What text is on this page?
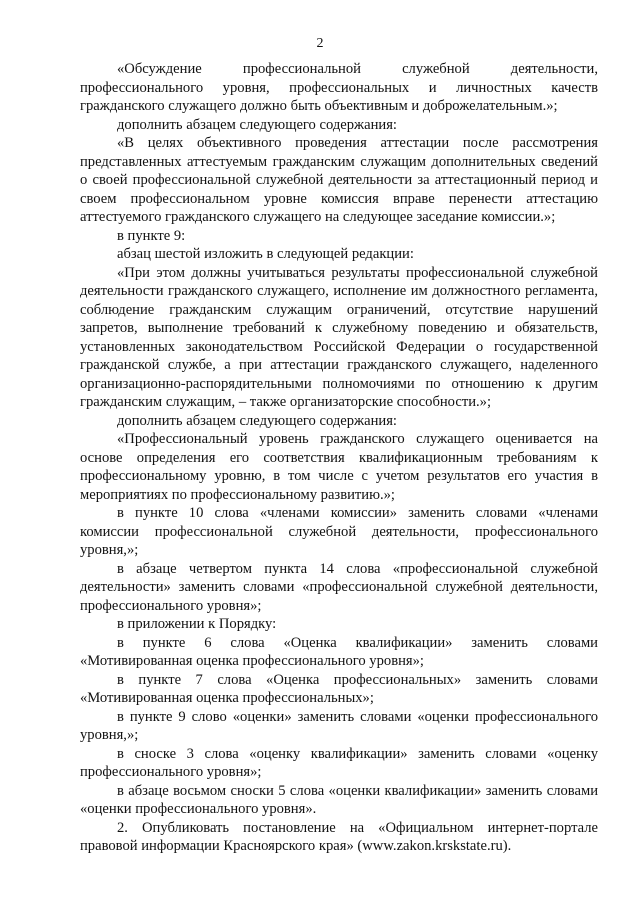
2

«Обсуждение профессиональной служебной деятельности, профессионального уровня, профессиональных и личностных качеств гражданского служащего должно быть объективным и доброжелательным.»;

дополнить абзацем следующего содержания:

«В целях объективного проведения аттестации после рассмотрения представленных аттестуемым гражданским служащим дополнительных сведений о своей профессиональной служебной деятельности за аттестационный период и своем профессиональном уровне комиссия вправе перенести аттестацию аттестуемого гражданского служащего на следующее заседание комиссии.»;

в пункте 9:

абзац шестой изложить в следующей редакции:

«При этом должны учитываться результаты профессиональной служебной деятельности гражданского служащего, исполнение им должностного регламента, соблюдение гражданским служащим ограничений, отсутствие нарушений запретов, выполнение требований к служебному поведению и обязательств, установленных законодательством Российской Федерации о государственной гражданской службе, а при аттестации гражданского служащего, наделенного организационно-распорядительными полномочиями по отношению к другим гражданским служащим, – также организаторские способности.»;

дополнить абзацем следующего содержания:

«Профессиональный уровень гражданского служащего оценивается на основе определения его соответствия квалификационным требованиям к профессиональному уровню, в том числе с учетом результатов его участия в мероприятиях по профессиональному развитию.»;

в пункте 10 слова «членами комиссии» заменить словами «членами комиссии профессиональной служебной деятельности, профессионального уровня,»;

в абзаце четвертом пункта 14 слова «профессиональной служебной деятельности» заменить словами «профессиональной служебной деятельности, профессионального уровня»;

в приложении к Порядку:

в пункте 6 слова «Оценка квалификации» заменить словами «Мотивированная оценка профессионального уровня»;

в пункте 7 слова «Оценка профессиональных» заменить словами «Мотивированная оценка профессиональных»;

в пункте 9 слово «оценки» заменить словами «оценки профессионального уровня,»;

в сноске 3 слова «оценку квалификации» заменить словами «оценку профессионального уровня»;

в абзаце восьмом сноски 5 слова «оценки квалификации» заменить словами «оценки профессионального уровня».

2. Опубликовать постановление на «Официальном интернет-портале правовой информации Красноярского края» (www.zakon.krskstate.ru).
